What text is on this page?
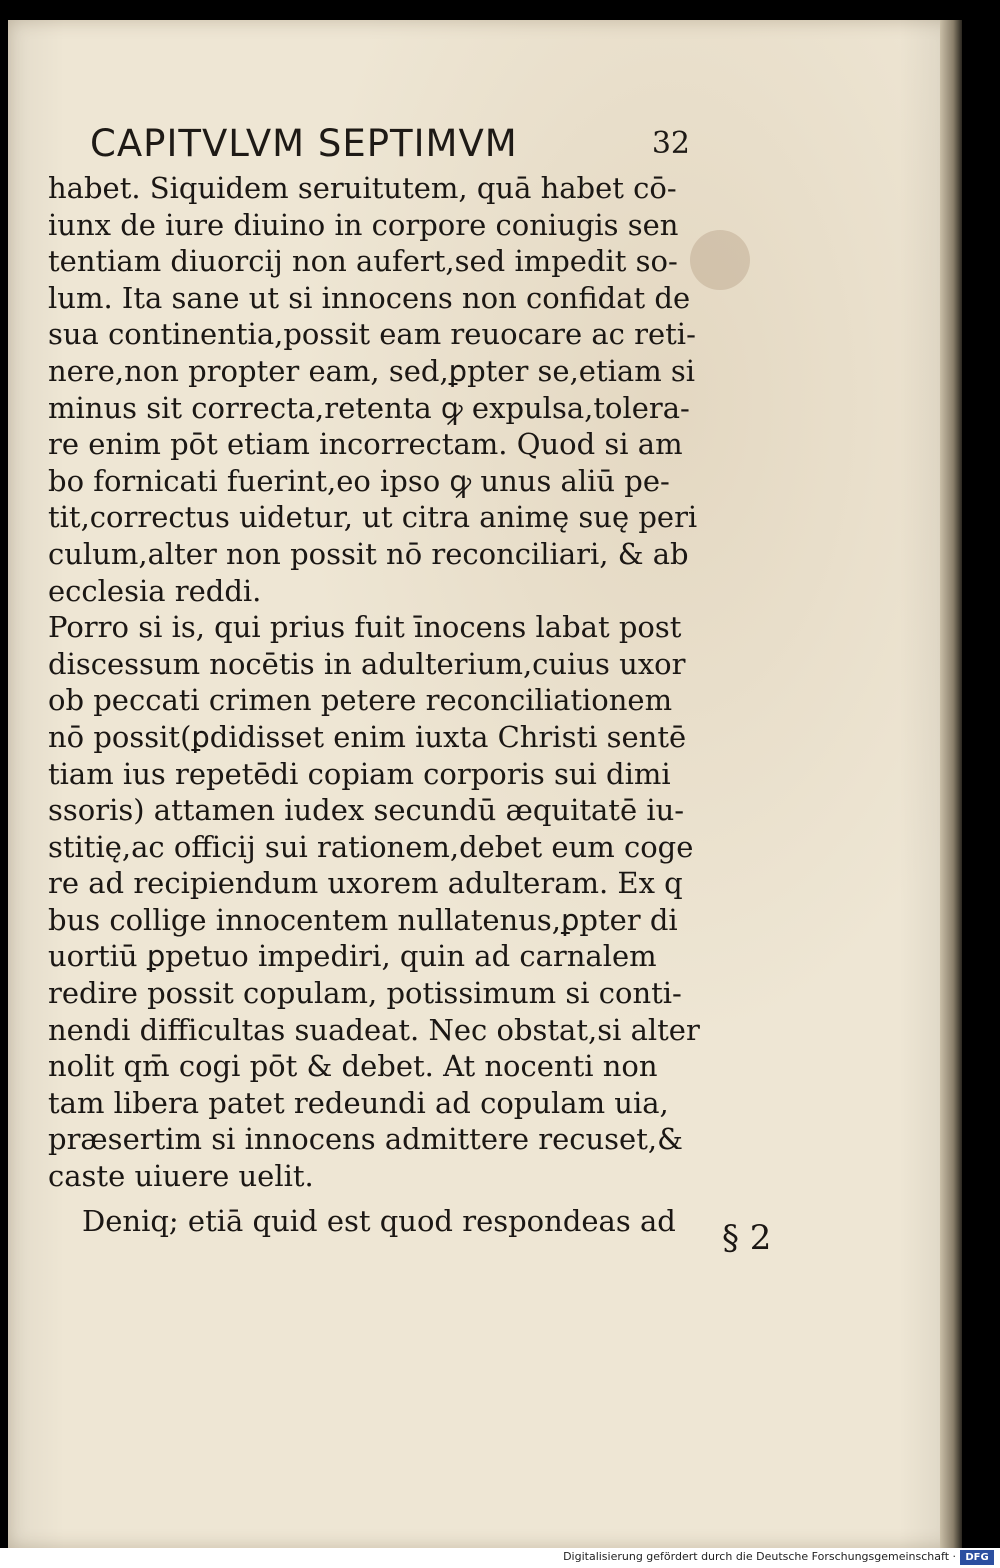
CAPITVLVM SEPTIMVM	32
habet. Siquidem seruitutem, quā habet cō-
iunx de iure diuino in corpore coniugis sen
tentiam diuorcij non aufert,sed impedit so-
lum. Ita sane ut si innocens non confidat de
sua continentia,possit eam reuocare ac reti-
nere,non propter eam, sed,ꝑpter se,etiam si
minus sit correcta,retenta ꝙ expulsa,tolera-
re enim pōt etiam incorrectam. Quod si am
bo fornicati fuerint,eo ipso ꝙ unus aliū pe-
tit,correctus uidetur, ut citra animę suę peri
culum,alter non possit nō reconciliari, & ab
ecclesia reddi.
Porro si is, qui prius fuit īnocens labat post
discessum nocētis in adulterium,cuius uxor
ob peccati crimen petere reconciliationem
nō possit(ꝑdidisset enim iuxta Christi sentē
tiam ius repetēdi copiam corporis sui dimi
ssoris) attamen iudex secundū æquitatē iu-
stitię,ac officij sui rationem,debet eum coge
re ad recipiendum uxorem adulteram. Ex q
bus collige innocentem nullatenus,ꝑpter di
uortiū ꝑpetuo impediri, quin ad carnalem
redire possit copulam, potissimum si conti-
nendi difficultas suadeat. Nec obstat,si alter
nolit qm̄ cogi pōt & debet. At nocenti non
tam libera patet redeundi ad copulam uia,
præsertim si innocens admittere recuset,&
caste uiuere uelit.
Deniq; etiā quid est quod respondeas ad	§ 2
Digitalisierung gefördert durch die Deutsche Forschungsgemeinschaft · DFG
